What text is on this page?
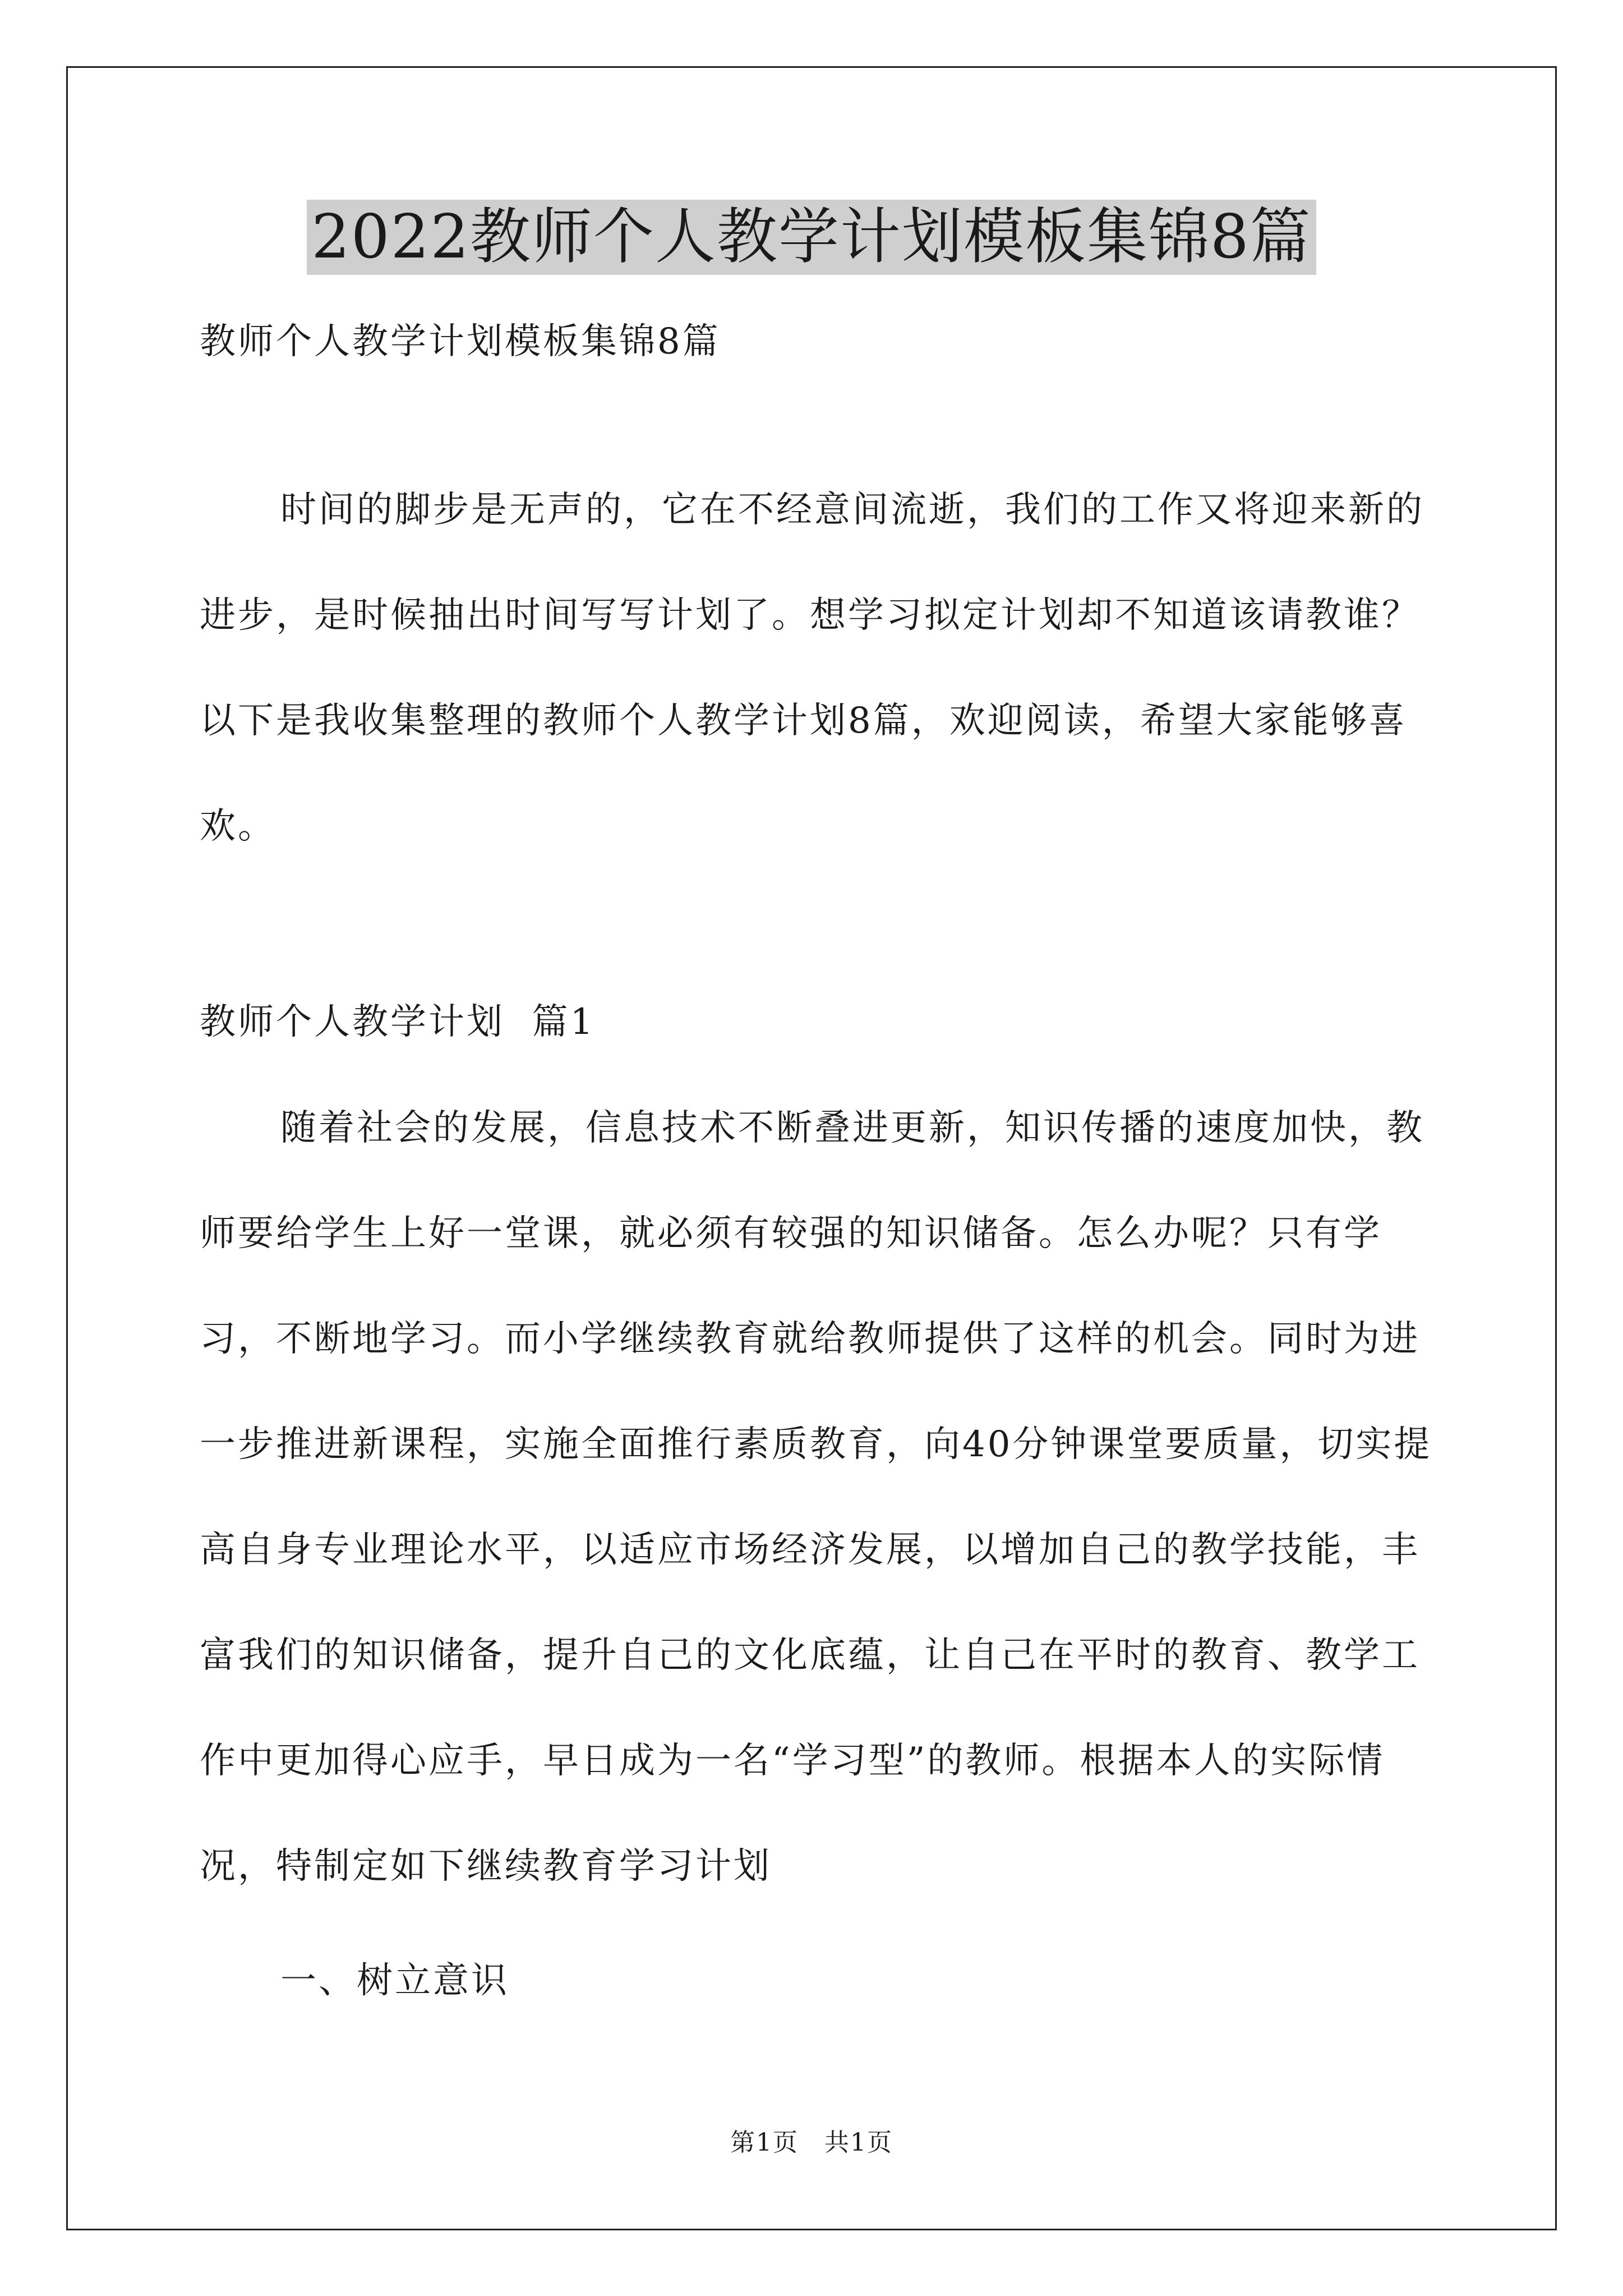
2022教师个人教学计划模板集锦8篇
教师个人教学计划模板集锦8篇
时间的脚步是无声的，它在不经意间流逝，我们的工作又将迎来新的进步，是时候抽出时间写写计划了。想学习拟定计划却不知道该请教谁？以下是我收集整理的教师个人教学计划8篇，欢迎阅读，希望大家能够喜欢。
教师个人教学计划  篇1
随着社会的发展，信息技术不断叠进更新，知识传播的速度加快，教师要给学生上好一堂课，就必须有较强的知识储备。怎么办呢？只有学习，不断地学习。而小学继续教育就给教师提供了这样的机会。同时为进一步推进新课程，实施全面推行素质教育，向40分钟课堂要质量，切实提高自身专业理论水平，以适应市场经济发展，以增加自己的教学技能，丰富我们的知识储备，提升自己的文化底蕴，让自己在平时的教育、教学工作中更加得心应手，早日成为一名“学习型”的教师。根据本人的实际情况，特制定如下继续教育学习计划
一、树立意识
第1页　共1页
